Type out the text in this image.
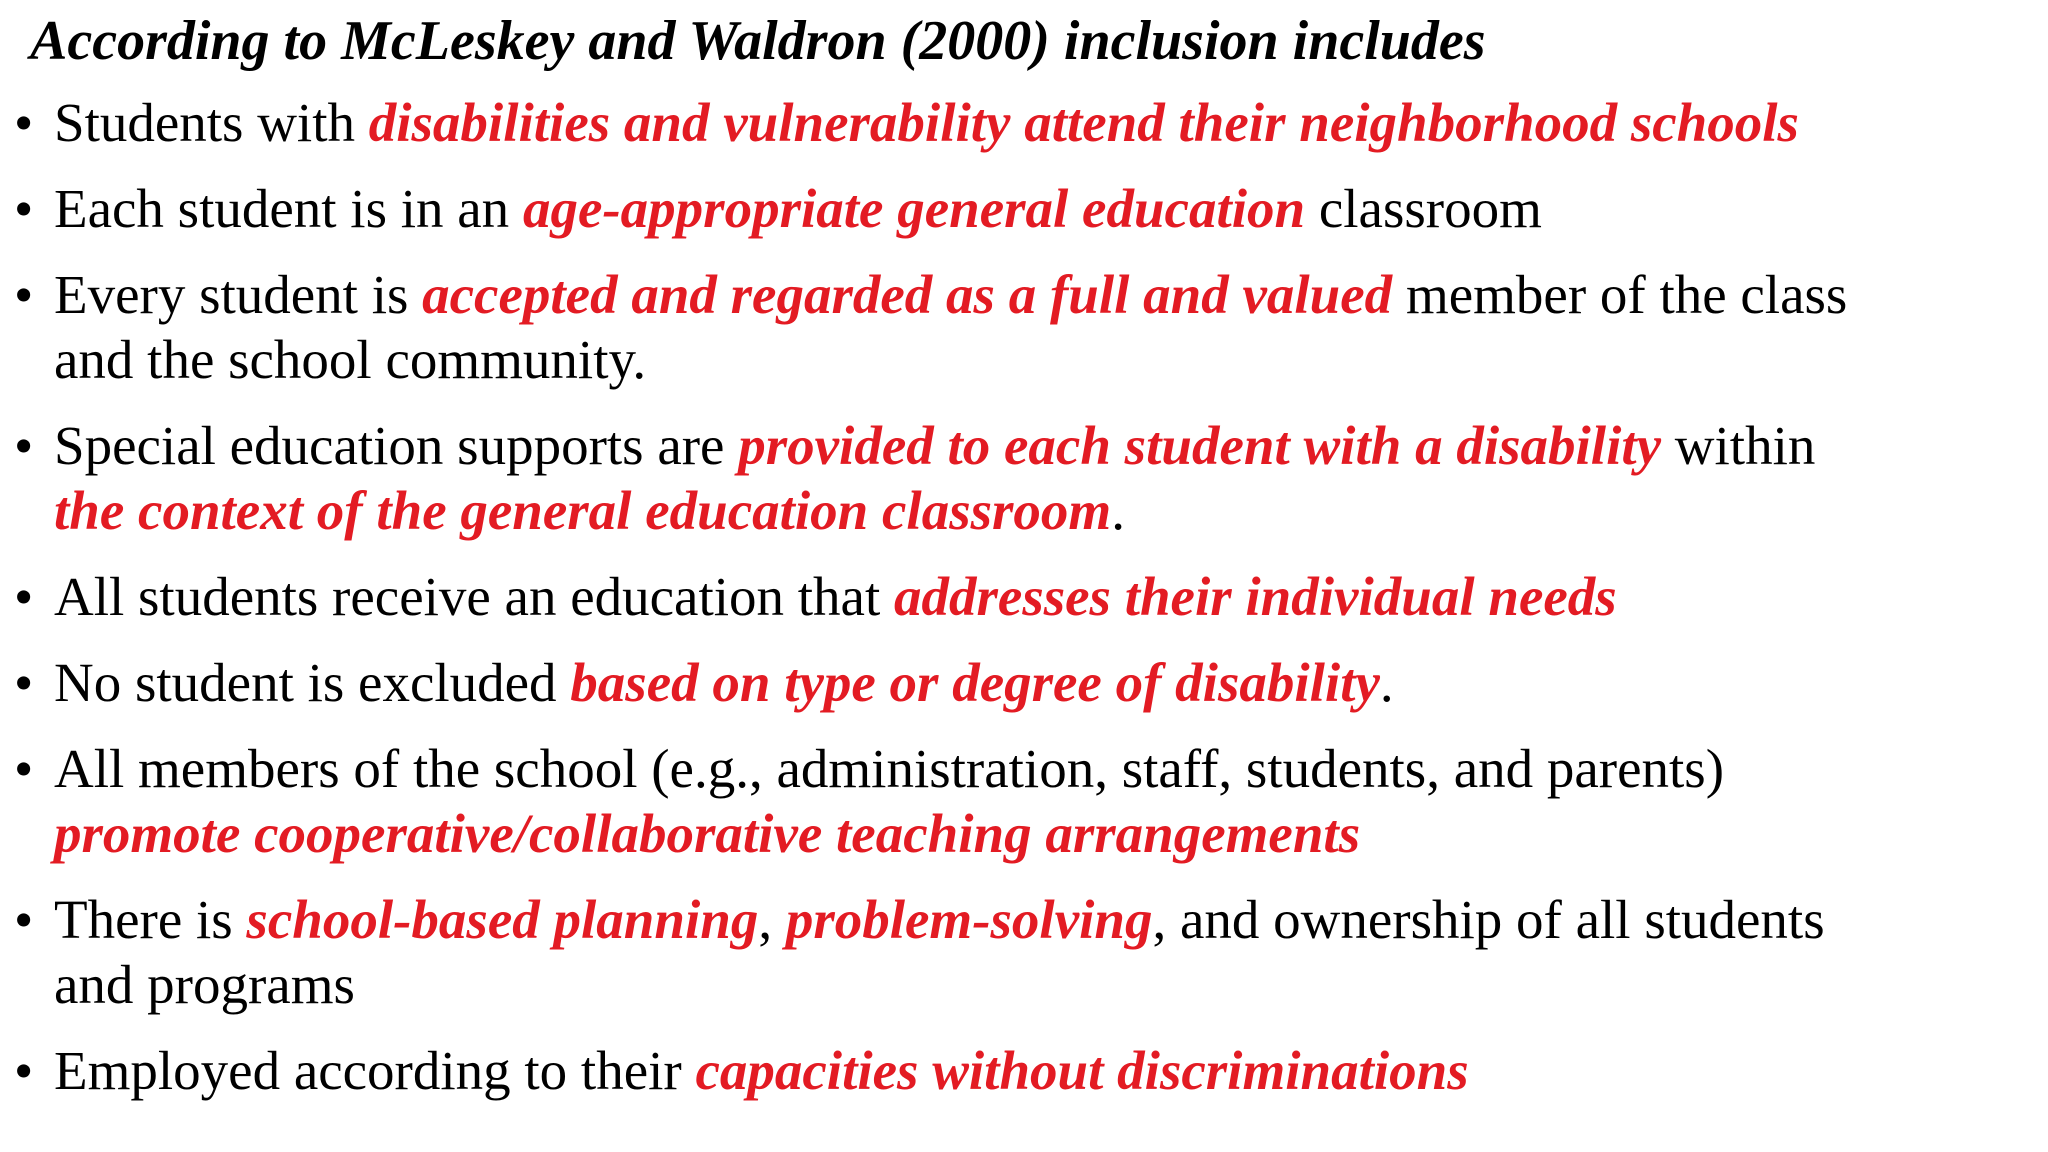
According to McLeskey and Waldron (2000) inclusion includes
• Students with disabilities and vulnerability attend their neighborhood schools
• Each student is in an age-appropriate general education classroom
• Every student is accepted and regarded as a full and valued member of the class
and the school community.
• Special education supports are provided to each student with a disability within
the context of the general education classroom.
• All students receive an education that addresses their individual needs
• No student is excluded based on type or degree of disability.
• All members of the school (e.g., administration, staff, students, and parents)
promote cooperative/collaborative teaching arrangements
• There is school-based planning, problem-solving, and ownership of all students
and programs
• Employed according to their capacities without discriminations
